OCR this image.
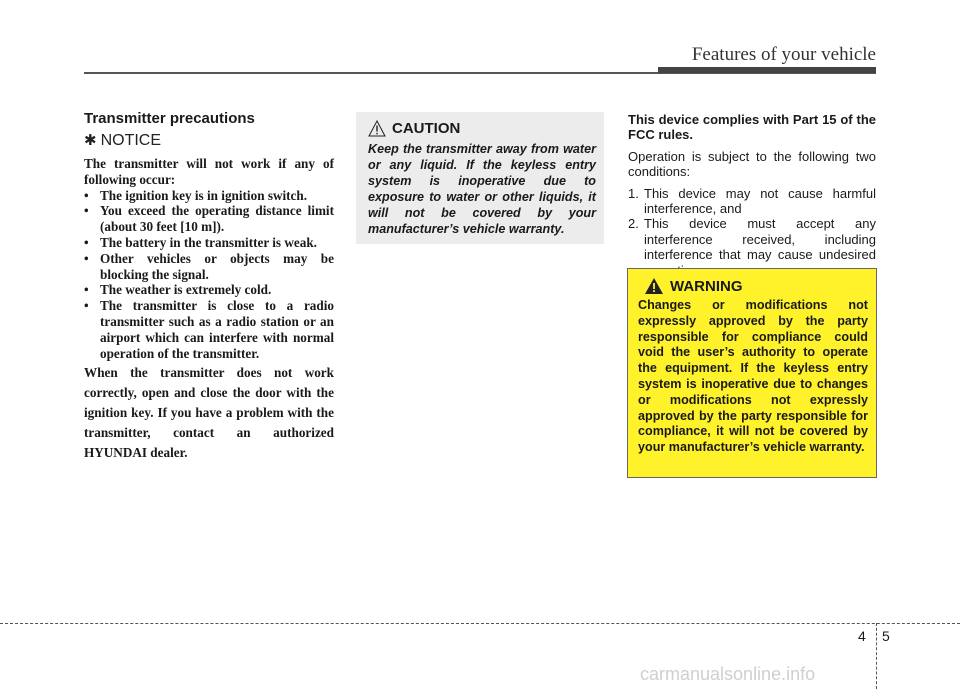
Features of your vehicle
Transmitter precautions
✱ NOTICE

The transmitter will not work if any of following occur:

• The ignition key is in ignition switch.
• You exceed the operating distance limit (about 30 feet [10 m]).
• The battery in the transmitter is weak.
• Other vehicles or objects may be blocking the signal.
• The weather is extremely cold.
• The transmitter is close to a radio transmitter such as a radio station or an airport which can interfere with normal operation of the transmitter.

When the transmitter does not work correctly, open and close the door with the ignition key. If you have a problem with the transmitter, contact an authorized HYUNDAI dealer.

CAUTION
Keep the transmitter away from water or any liquid. If the keyless entry system is inoperative due to exposure to water or other liquids, it will not be covered by your manufacturer’s vehicle warranty.

This device complies with Part 15 of the FCC rules.

Operation is subject to the following two conditions:

1. This device may not cause harmful interference, and
2. This device must accept any interference received, including interference that may cause undesired
WARNING
Changes or modifications not expressly approved by the party responsible for compliance could void the user’s authority to operate the equipment. If the keyless entry system is inoperative due to changes or modifications not expressly approved by the party responsible for compliance, it will not be covered by your manufacturer’s vehicle warranty.
4 5
carmanualsonline.info
